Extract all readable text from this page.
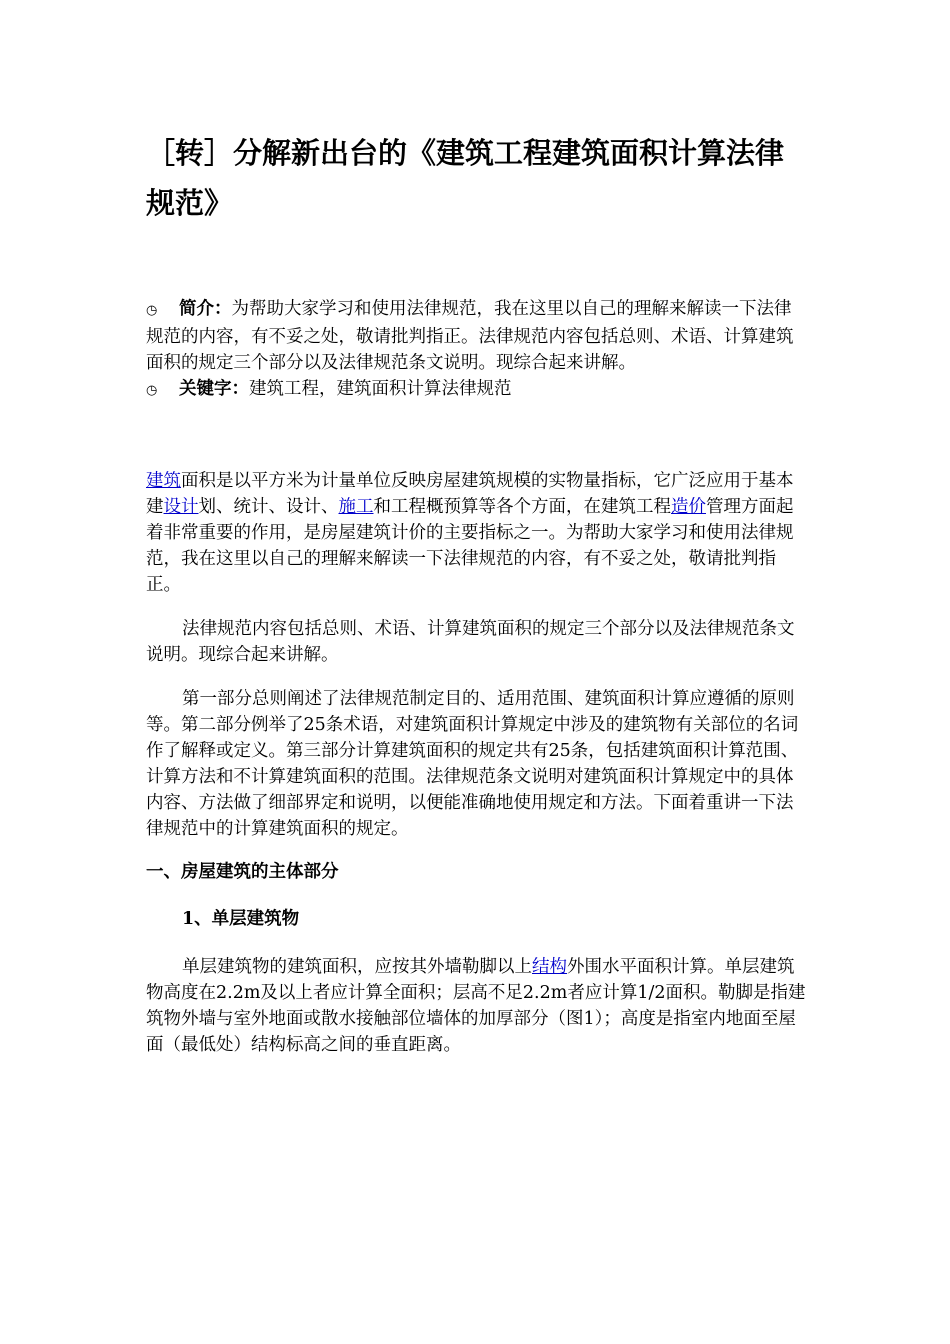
［转］分解新出台的《建筑工程建筑面积计算法律规范》
◷ 简介：为帮助大家学习和使用法律规范，我在这里以自己的理解来解读一下法律规范的内容，有不妥之处，敬请批判指正。法律规范内容包括总则、术语、计算建筑面积的规定三个部分以及法律规范条文说明。现综合起来讲解。
◷ 关键字：建筑工程，建筑面积计算法律规范

建筑面积是以平方米为计量单位反映房屋建筑规模的实物量指标，它广泛应用于基本建设计划、统计、设计、施工和工程概预算等各个方面，在建筑工程造价管理方面起着非常重要的作用，是房屋建筑计价的主要指标之一。为帮助大家学习和使用法律规范，我在这里以自己的理解来解读一下法律规范的内容，有不妥之处，敬请批判指正。

法律规范内容包括总则、术语、计算建筑面积的规定三个部分以及法律规范条文说明。现综合起来讲解。

第一部分总则阐述了法律规范制定目的、适用范围、建筑面积计算应遵循的原则等。第二部分例举了25条术语，对建筑面积计算规定中涉及的建筑物有关部位的名词作了解释或定义。第三部分计算建筑面积的规定共有25条，包括建筑面积计算范围、计算方法和不计算建筑面积的范围。法律规范条文说明对建筑面积计算规定中的具体内容、方法做了细部界定和说明，以便能准确地使用规定和方法。下面着重讲一下法律规范中的计算建筑面积的规定。

一、房屋建筑的主体部分

1、单层建筑物

单层建筑物的建筑面积，应按其外墙勒脚以上结构外围水平面积计算。单层建筑物高度在2.2m及以上者应计算全面积；层高不足2.2m者应计算1/2面积。勒脚是指建筑物外墙与室外地面或散水接触部位墙体的加厚部分（图1）；高度是指室内地面至屋面（最低处）结构标高之间的垂直距离。
